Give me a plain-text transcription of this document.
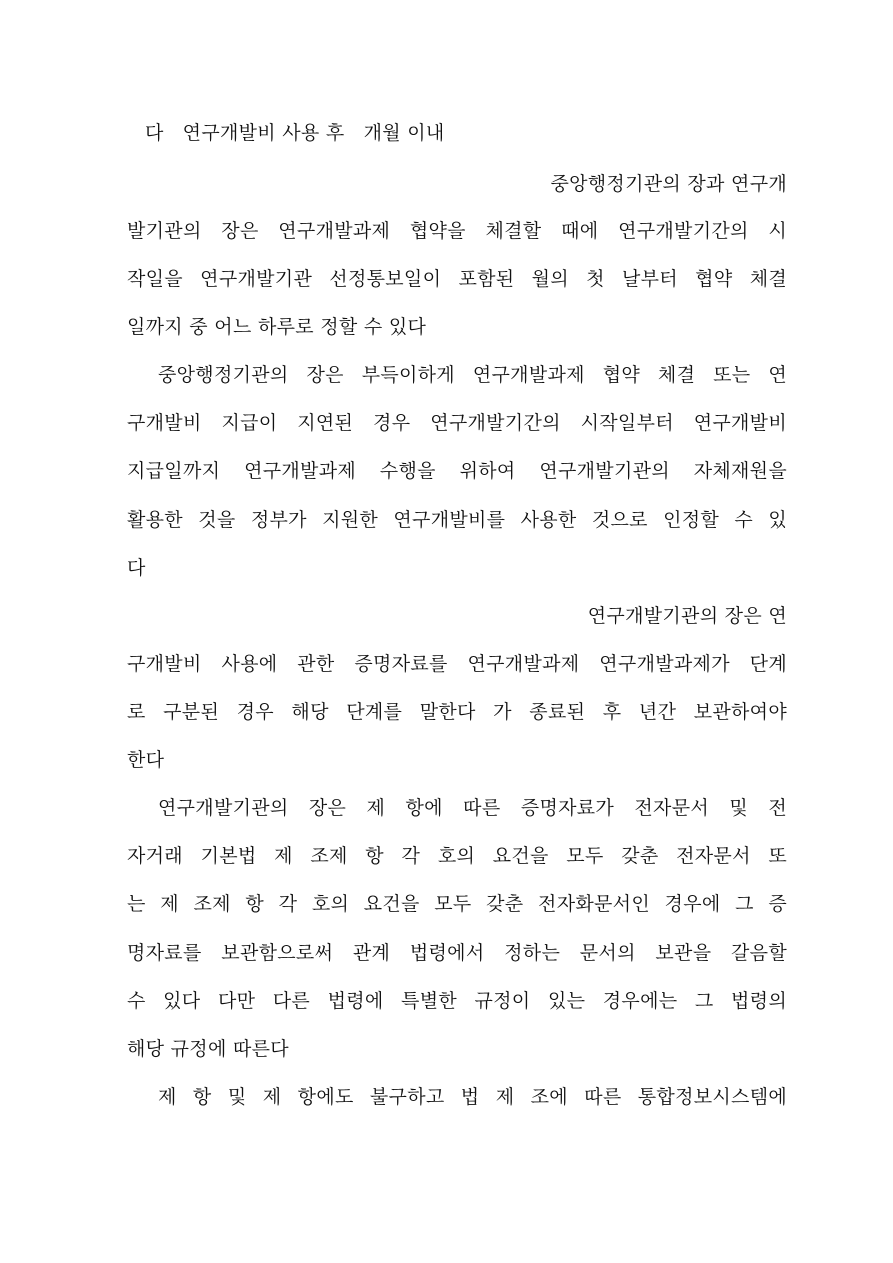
다   연구개발비 사용 후   개월 이내
중앙행정기관의 장과 연구개
발기관의 장은 연구개발과제 협약을 체결할 때에 연구개발기간의 시
작일을 연구개발기관 선정통보일이 포함된 월의 첫 날부터 협약 체결
일까지 중 어느 하루로 정할 수 있다
중앙행정기관의 장은 부득이하게 연구개발과제 협약 체결 또는 연
구개발비 지급이 지연된 경우 연구개발기간의 시작일부터 연구개발비
지급일까지 연구개발과제 수행을 위하여 연구개발기관의 자체재원을
활용한 것을 정부가 지원한 연구개발비를 사용한 것으로 인정할 수 있
다
연구개발기관의 장은 연
구개발비 사용에 관한 증명자료를 연구개발과제 연구개발과제가 단계
로 구분된 경우 해당 단계를 말한다 가 종료된 후 년간 보관하여야
한다
연구개발기관의 장은 제 항에 따른 증명자료가 전자문서 및 전
자거래 기본법 제 조제 항 각 호의 요건을 모두 갖춘 전자문서 또
는 제 조제 항 각 호의 요건을 모두 갖춘 전자화문서인 경우에 그 증
명자료를 보관함으로써 관계 법령에서 정하는 문서의 보관을 갈음할
수 있다 다만 다른 법령에 특별한 규정이 있는 경우에는 그 법령의
해당 규정에 따른다
제 항 및 제 항에도 불구하고 법 제 조에 따른 통합정보시스템에
